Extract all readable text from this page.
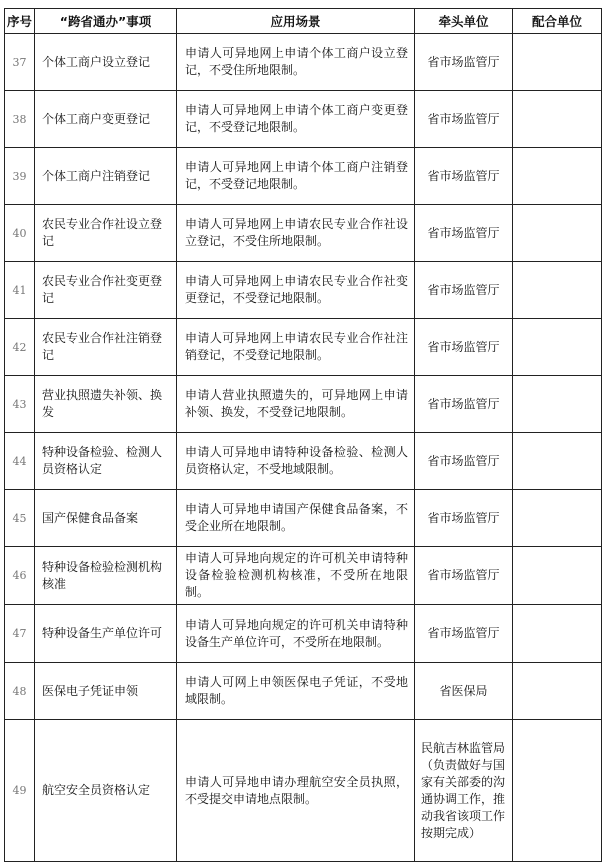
序号	“跨省通办”事项	应用场景	牵头单位	配合单位
37	个体工商户设立登记	申请人可异地网上申请个体工商户设立登记，不受住所地限制。	省市场监管厅	
38	个体工商户变更登记	申请人可异地网上申请个体工商户变更登记，不受登记地限制。	省市场监管厅	
39	个体工商户注销登记	申请人可异地网上申请个体工商户注销登记，不受登记地限制。	省市场监管厅	
40	农民专业合作社设立登记	申请人可异地网上申请农民专业合作社设立登记，不受住所地限制。	省市场监管厅	
41	农民专业合作社变更登记	申请人可异地网上申请农民专业合作社变更登记，不受登记地限制。	省市场监管厅	
42	农民专业合作社注销登记	申请人可异地网上申请农民专业合作社注销登记，不受登记地限制。	省市场监管厅	
43	营业执照遗失补领、换发	申请人营业执照遗失的，可异地网上申请补领、换发，不受登记地限制。	省市场监管厅	
44	特种设备检验、检测人员资格认定	申请人可异地申请特种设备检验、检测人员资格认定，不受地域限制。	省市场监管厅	
45	国产保健食品备案	申请人可异地申请国产保健食品备案，不受企业所在地限制。	省市场监管厅	
46	特种设备检验检测机构核准	申请人可异地向规定的许可机关申请特种设备检验检测机构核准，不受所在地限制。	省市场监管厅	
47	特种设备生产单位许可	申请人可异地向规定的许可机关申请特种设备生产单位许可，不受所在地限制。	省市场监管厅	
48	医保电子凭证申领	申请人可网上申领医保电子凭证，不受地域限制。	省医保局	
49	航空安全员资格认定	申请人可异地申请办理航空安全员执照，不受提交申请地点限制。	民航吉林监管局（负责做好与国家有关部委的沟通协调工作，推动我省该项工作按期完成）	
